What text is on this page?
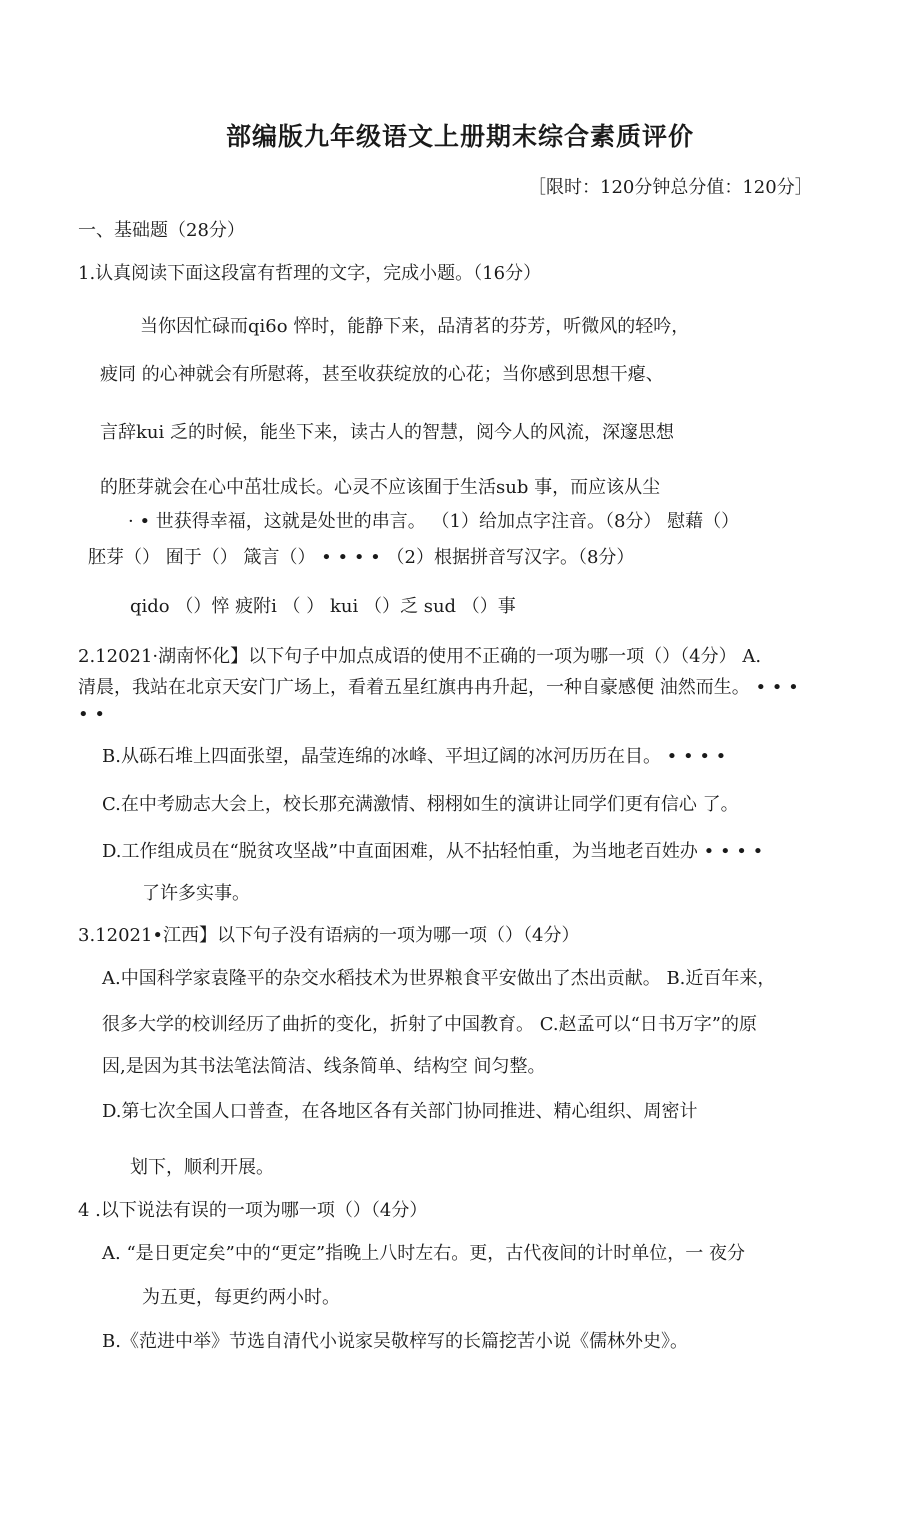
部编版九年级语文上册期末综合素质评价
［限时：120分钟总分值：120分］
一、基础题（28分）
1.认真阅读下面这段富有哲理的文字，完成小题。（16分）
当你因忙碌而qi6o 悴时，能静下来，品清茗的芬芳，听微风的轻吟，
疲同 的心神就会有所慰蒋，甚至收获绽放的心花；当你感到思想干瘪、
言辞kui 乏的时候，能坐下来，读古人的智慧，阅今人的风流，深邃思想
的胚芽就会在心中茁壮成长。心灵不应该囿于生活sub 事，而应该从尘
· • 世获得幸福，这就是处世的串言。 （1）给加点字注音。（8分） 慰藉（）
胚芽（） 囿于（） 箴言（） • • • • （2）根据拼音写汉字。（8分）
qido （）悴 疲附i （ ） kui （）乏 sud （）事
2.12021·湖南怀化】以下句子中加点成语的使用不正确的一项为哪一项（）（4分） A.
清晨，我站在北京天安门广场上，看着五星红旗冉冉升起，一种自豪感便 油然而生。 • • •
• •
B.从砾石堆上四面张望，晶莹连绵的冰峰、平坦辽阔的冰河历历在目。 • • • •
C.在中考励志大会上，校长那充满激情、栩栩如生的演讲让同学们更有信心 了。
D.工作组成员在“脱贫攻坚战”中直面困难，从不拈轻怕重，为当地老百姓办 • • • •
了许多实事。
3.12021•江西】以下句子没有语病的一项为哪一项（）（4分）
A.中国科学家袁隆平的杂交水稻技术为世界粮食平安做出了杰出贡献。 B.近百年来，
很多大学的校训经历了曲折的变化，折射了中国教育。 C.赵孟可以“日书万字”的原
因,是因为其书法笔法简洁、线条简单、结构空 间匀整。
D.第七次全国人口普查，在各地区各有关部门协同推进、精心组织、周密计
划下，顺利开展。
4 .以下说法有误的一项为哪一项（）（4分）
A. “是日更定矣”中的“更定”指晚上八时左右。更，古代夜间的计时单位，一 夜分
为五更，每更约两小时。
B.《范进中举》节选自清代小说家吴敬梓写的长篇挖苦小说《儒林外史》。
